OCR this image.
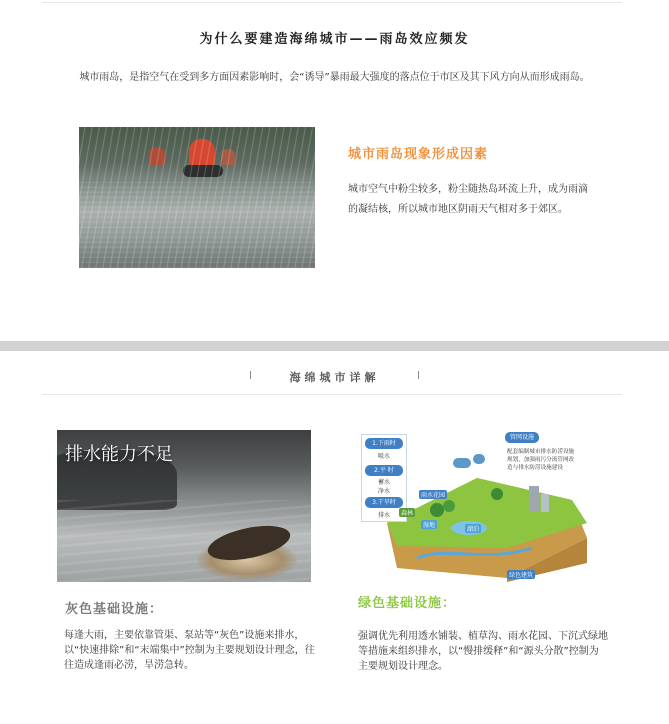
为什么要建造海绵城市——雨岛效应频发

城市雨岛，是指空气在受到多方面因素影响时，会“诱导”暴雨最大强度的落点位于市区及其下风方向从而形成雨岛。

城市雨岛现象形成因素

城市空气中粉尘较多，粉尘随热岛环流上升，成为雨滴的凝结核，所以城市地区阴雨天气相对多于郊区。

海绵城市详解
排水能力不足
灰色基础设施：

每逢大雨，主要依靠管渠、泵站等“灰色”设施来排水，以“快速排除”和“末端集中”控制为主要规划设计理念，往往造成逢雨必涝，旱涝急转。

1.下雨时
吸水
2.平 时
蓄水
净水
3.干旱时
排水
管网设施
配套编制城市排水防涝设施规划，加强雨污分流管网改造与排水防涝设施建设
雨水花园
森林
湿地
湖泊
绿色建筑
绿色基础设施：

强调优先利用透水铺装、植草沟、雨水花园、下沉式绿地等措施来组织排水，以“慢排缓释”和“源头分散”控制为主要规划设计理念。
